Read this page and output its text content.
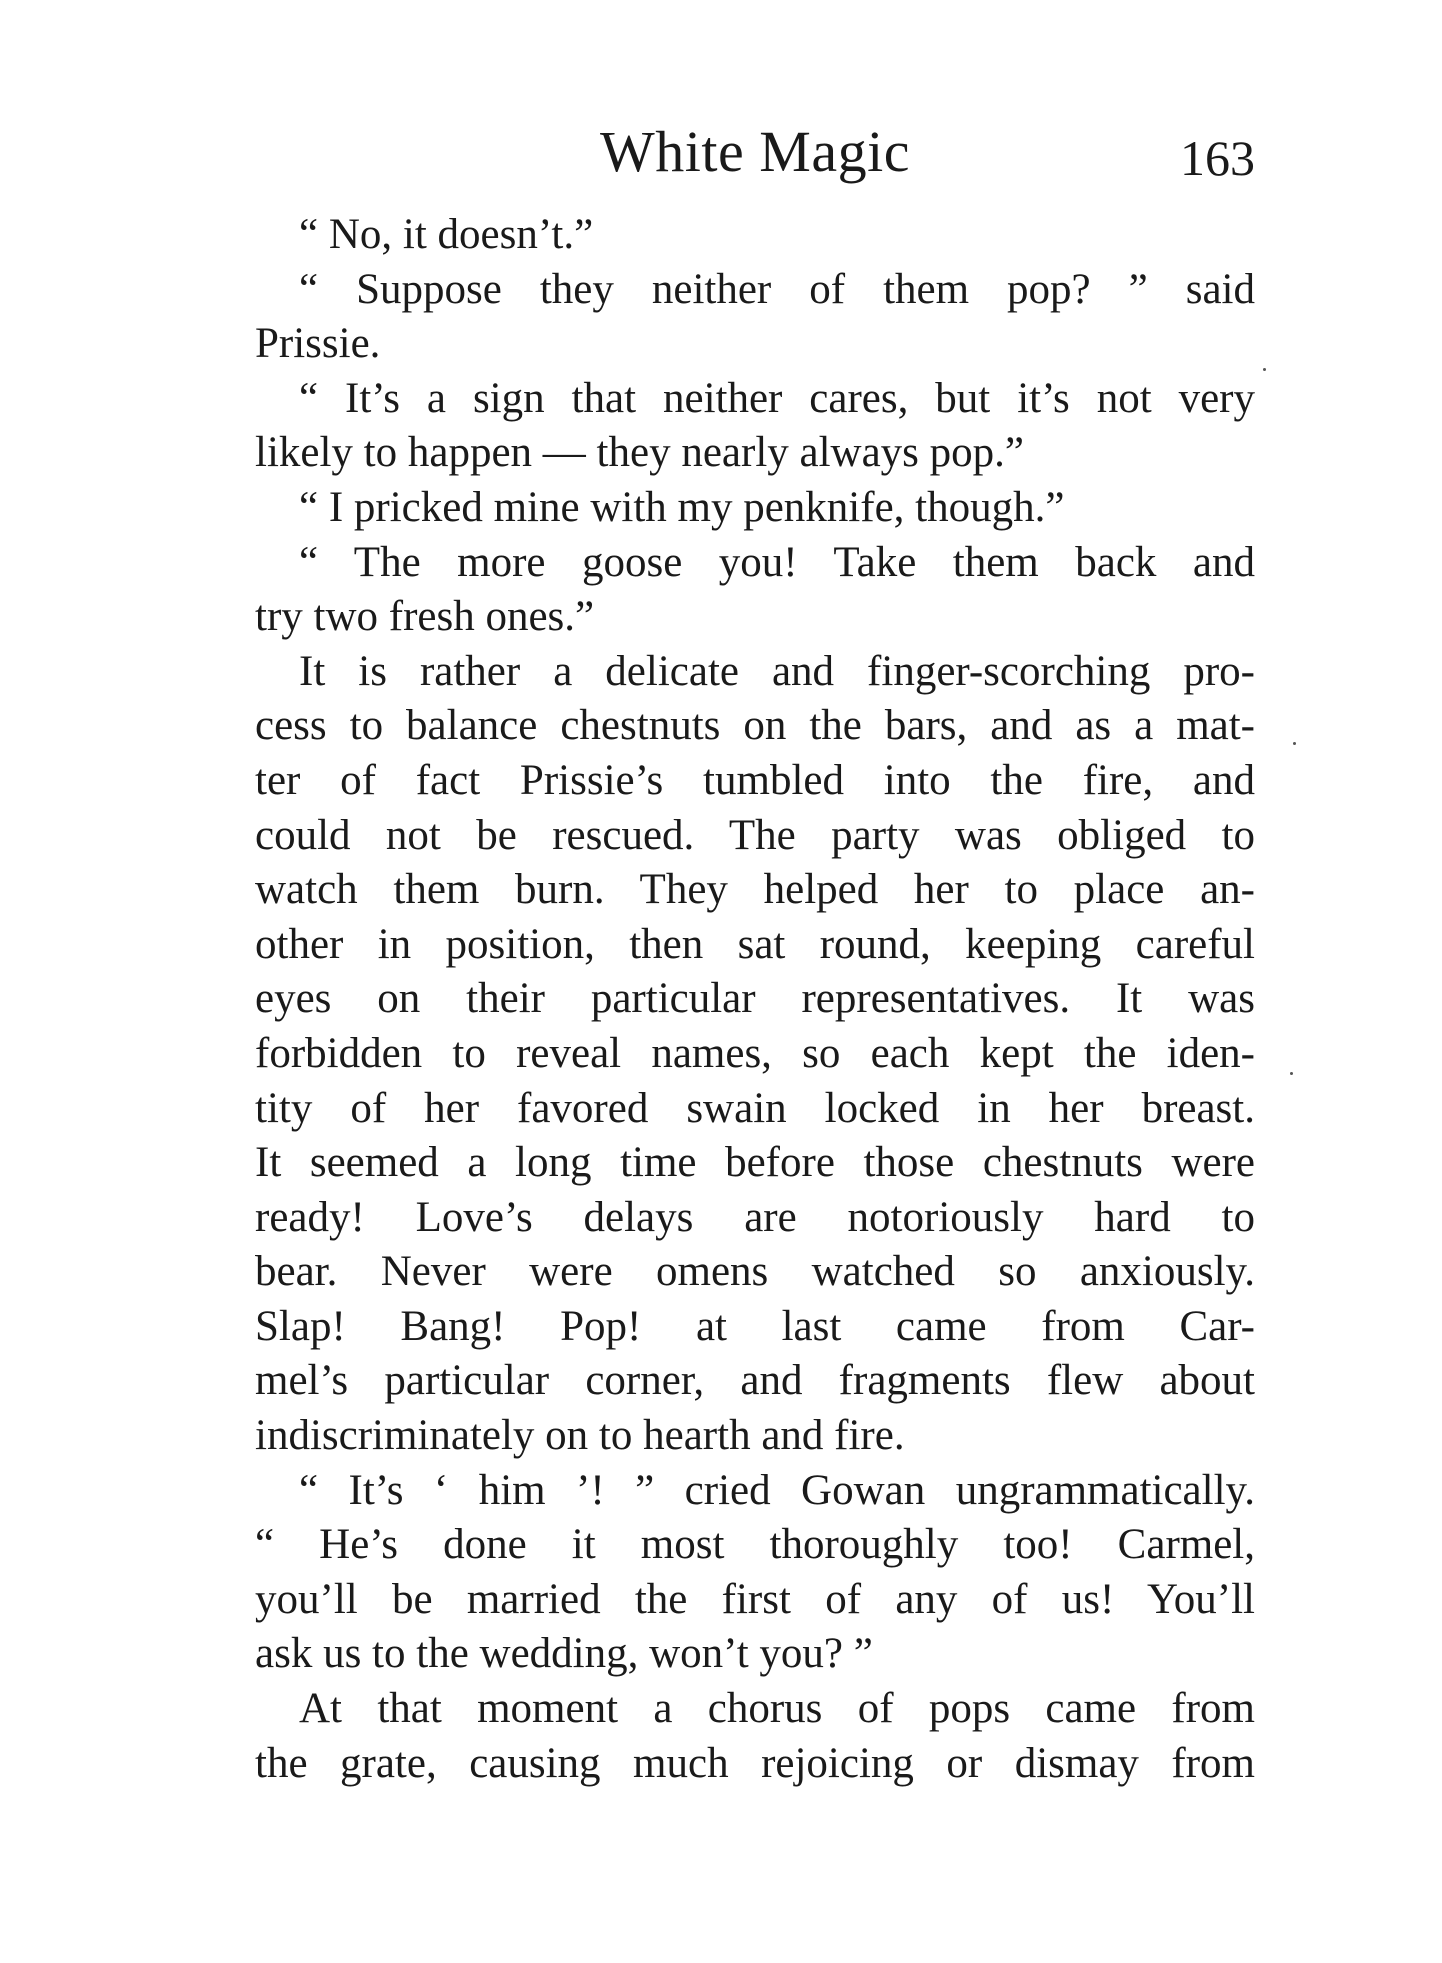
White Magic	163
“ No, it doesn’t.”
“ Suppose they neither of them pop? ” said
Prissie.
“ It’s a sign that neither cares, but it’s not very
likely to happen — they nearly always pop.”
“ I pricked mine with my penknife, though.”
“ The more goose you! Take them back and
try two fresh ones.”
It is rather a delicate and finger-scorching pro-
cess to balance chestnuts on the bars, and as a mat-
ter of fact Prissie’s tumbled into the fire, and
could not be rescued. The party was obliged to
watch them burn. They helped her to place an-
other in position, then sat round, keeping careful
eyes on their particular representatives. It was
forbidden to reveal names, so each kept the iden-
tity of her favored swain locked in her breast.
It seemed a long time before those chestnuts were
ready! Love’s delays are notoriously hard to
bear. Never were omens watched so anxiously.
Slap! Bang! Pop! at last came from Car-
mel’s particular corner, and fragments flew about
indiscriminately on to hearth and fire.
“ It’s ‘ him ’! ” cried Gowan ungrammatically.
“ He’s done it most thoroughly too! Carmel,
you’ll be married the first of any of us! You’ll
ask us to the wedding, won’t you? ”
At that moment a chorus of pops came from
the grate, causing much rejoicing or dismay from
